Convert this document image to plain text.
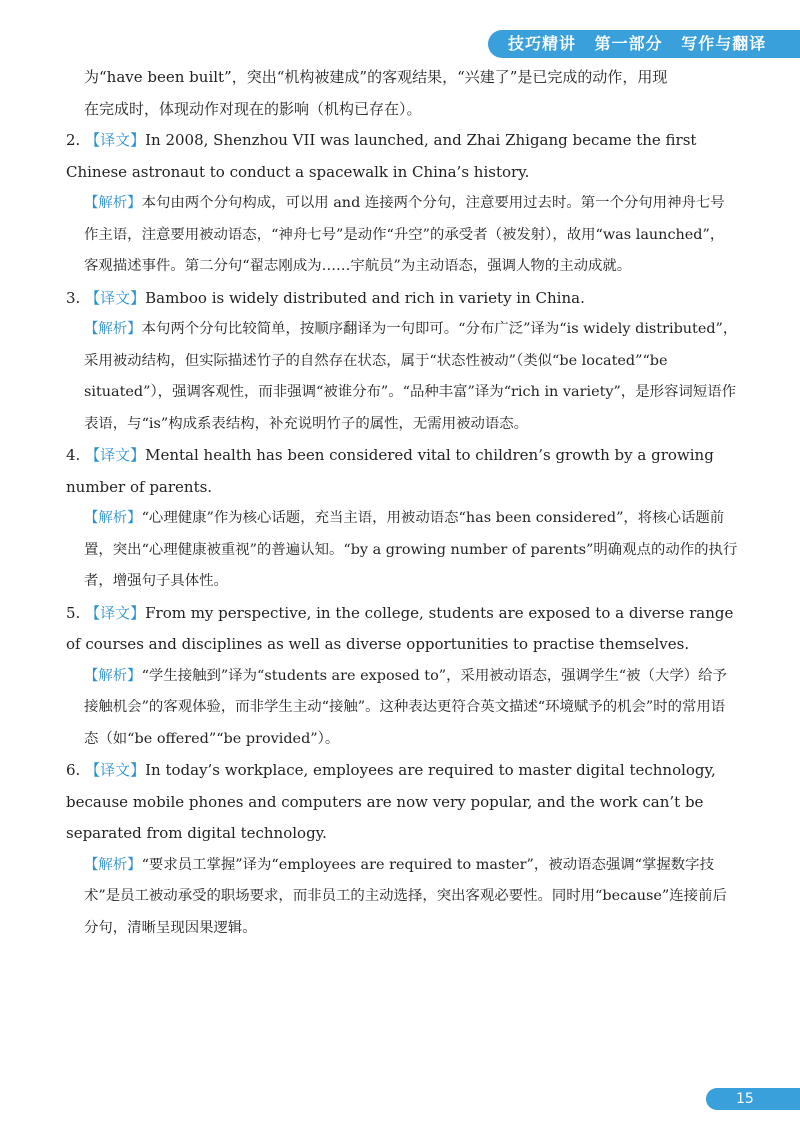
技巧精讲 第一部分 写作与翻译

为“have been built”，突出“机构被建成”的客观结果，“兴建了”是已完成的动作，用现

在完成时，体现动作对现在的影响（机构已存在）。

2. 【译文】In 2008, Shenzhou VII was launched, and Zhai Zhigang became the first Chinese astronaut to conduct a spacewalk in China’s history.

【解析】本句由两个分句构成，可以用 and 连接两个分句，注意要用过去时。第一个分句用神舟七号作主语，注意要用被动语态，“神舟七号”是动作“升空”的承受者（被发射），故用“was launched”，客观描述事件。第二分句“翟志刚成为……宇航员”为主动语态，强调人物的主动成就。

3. 【译文】Bamboo is widely distributed and rich in variety in China.

【解析】本句两个分句比较简单，按顺序翻译为一句即可。“分布广泛”译为“is widely distributed”，采用被动结构，但实际描述竹子的自然存在状态，属于“状态性被动”（类似“be located”“be situated”），强调客观性，而非强调“被谁分布”。“品种丰富”译为“rich in variety”，是形容词短语作表语，与“is”构成系表结构，补充说明竹子的属性，无需用被动语态。

4. 【译文】Mental health has been considered vital to children’s growth by a growing number of parents.

【解析】“心理健康”作为核心话题，充当主语，用被动语态“has been considered”，将核心话题前置，突出“心理健康被重视”的普遍认知。“by a growing number of parents”明确观点的动作的执行者，增强句子具体性。

5. 【译文】From my perspective, in the college, students are exposed to a diverse range of courses and disciplines as well as diverse opportunities to practise themselves.

【解析】“学生接触到”译为“students are exposed to”，采用被动语态，强调学生“被（大学）给予接触机会”的客观体验，而非学生主动“接触”。这种表达更符合英文描述“环境赋予的机会”时的常用语态（如“be offered”“be provided”）。

6. 【译文】In today’s workplace, employees are required to master digital technology, because mobile phones and computers are now very popular, and the work can’t be separated from digital technology.

【解析】“要求员工掌握”译为“employees are required to master”，被动语态强调“掌握数字技术”是员工被动承受的职场要求，而非员工的主动选择，突出客观必要性。同时用“because”连接前后分句，清晰呈现因果逻辑。

15
